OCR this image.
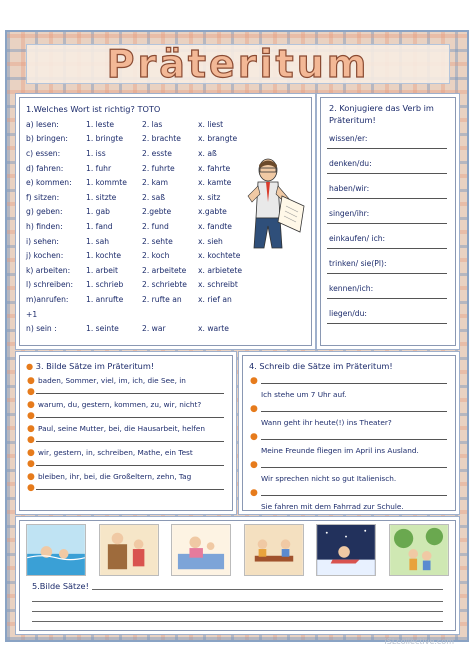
Präteritum
1.Welches Wort ist richtig? TOTO
a) lesen:	1. leste	2. las	x. liest
b) bringen:	1. bringte	2. brachte	x. brangte
c) essen:	1. iss	2. esste	x. aß
d) fahren:	1. fuhr	2. fuhrte	x. fahrte
e) kommen:	1. kommte	2. kam	x. kamte
f) sitzen:	1. sitzte	2. saß	x. sitz
g) geben:	1. gab	2.gebte	x.gabte
h) finden:	1. fand	2. fund	x. fandte
i) sehen:	1. sah	2. sehte	x. sieh
j) kochen:	1. kochte	2. koch	x. kochtete
k) arbeiten:	1. arbeit	2. arbeitete	x. arbietete
l) schreiben:	1. schrieb	2. schriebte	x. schreibt
m)anrufen:	1. anrufte	2. rufte an	x. rief an
+1
n) sein :	1. seinte	2. war	x. warte
2. Konjugiere das Verb im Präteritum!
wissen/er:
denken/du:
haben/wir:
singen/ihr:
einkaufen/ ich:
trinken/ sie(Pl):
kennen/ich:
liegen/du:
● 3. Bilde Sätze im Präteritum!
● baden, Sommer, viel, im, ich, die See, in
●
● warum, du, gestern, kommen, zu, wir, nicht?
●
● Paul, seine Mutter, bei, die Hausarbeit, helfen
●
● wir, gestern, in, schreiben, Mathe, ein Test
●
● bleiben, ihr, bei, die Großeltern, zehn, Tag
●
4. Schreib die Sätze im Präteritum!
●
Ich stehe um 7 Uhr auf.
●
Wann geht ihr heute(!) ins Theater?
●
Meine Freunde fliegen im April ins Ausland.
●
Wir sprechen nicht so gut Italienisch.
●
Sie fahren mit dem Fahrrad zur Schule.
5.Bilde Sätze!
iSLcollective.com
